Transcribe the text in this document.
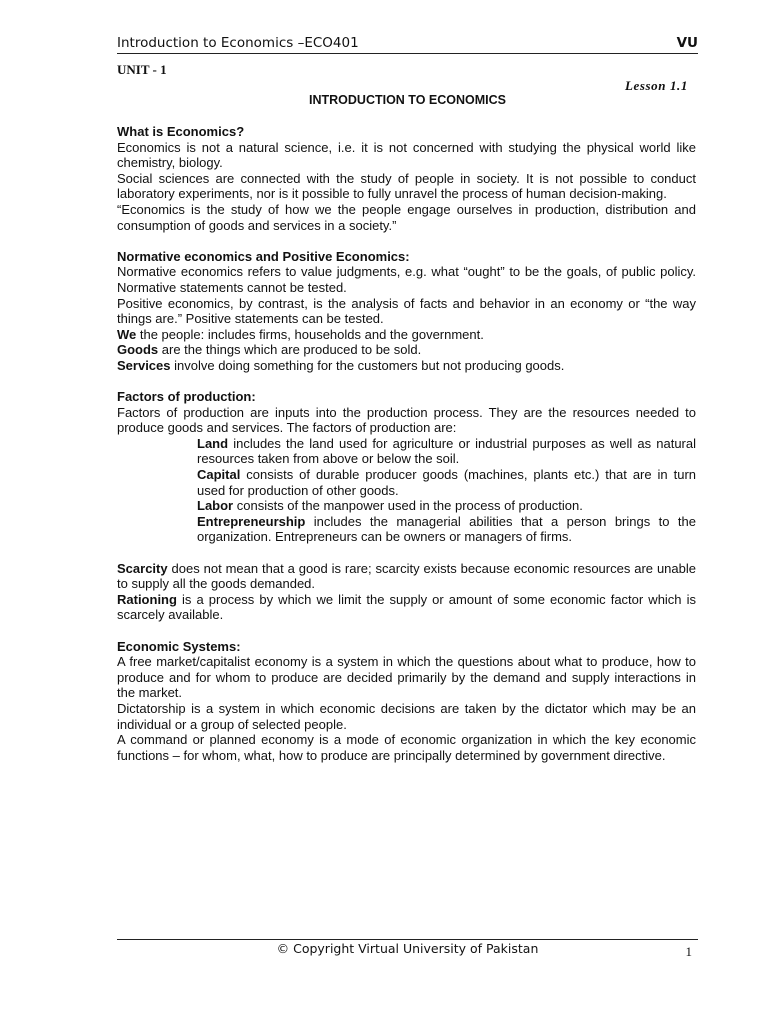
Introduction to Economics –ECO401	VU
UNIT - 1
Lesson 1.1
INTRODUCTION TO ECONOMICS

What is Economics?

Economics is not a natural science, i.e. it is not concerned with studying the physical world like chemistry, biology.

Social sciences are connected with the study of people in society. It is not possible to conduct laboratory experiments, nor is it possible to fully unravel the process of human decision-making.

“Economics is the study of how we the people engage ourselves in production, distribution and consumption of goods and services in a society.”

Normative economics and Positive Economics:

Normative economics refers to value judgments, e.g. what “ought” to be the goals, of public policy. Normative statements cannot be tested.

Positive economics, by contrast, is the analysis of facts and behavior in an economy or “the way things are.” Positive statements can be tested.

We the people: includes firms, households and the government.

Goods are the things which are produced to be sold.

Services involve doing something for the customers but not producing goods.

Factors of production:

Factors of production are inputs into the production process. They are the resources needed to produce goods and services. The factors of production are:

Land includes the land used for agriculture or industrial purposes as well as natural resources taken from above or below the soil.

Capital consists of durable producer goods (machines, plants etc.) that are in turn used for production of other goods.

Labor consists of the manpower used in the process of production.

Entrepreneurship includes the managerial abilities that a person brings to the organization. Entrepreneurs can be owners or managers of firms.

Scarcity does not mean that a good is rare; scarcity exists because economic resources are unable to supply all the goods demanded.

Rationing is a process by which we limit the supply or amount of some economic factor which is scarcely available.

Economic Systems:

A free market/capitalist economy is a system in which the questions about what to produce, how to produce and for whom to produce are decided primarily by the demand and supply interactions in the market.

Dictatorship is a system in which economic decisions are taken by the dictator which may be an individual or a group of selected people.

A command or planned economy is a mode of economic organization in which the key economic functions – for whom, what, how to produce are principally determined by government directive.

© Copyright Virtual University of Pakistan	1
